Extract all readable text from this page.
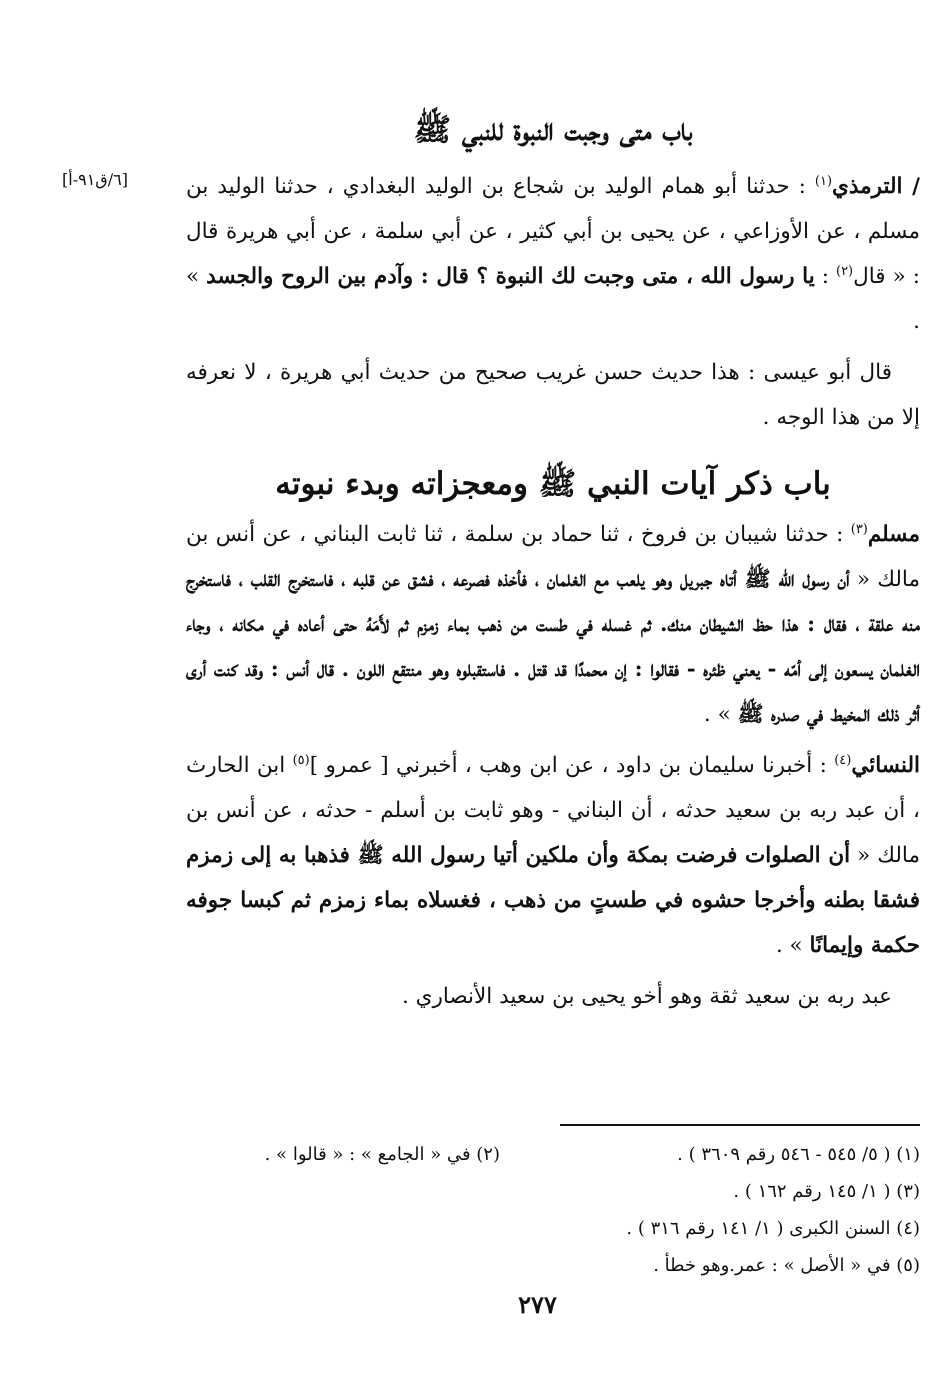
[٦/ق٩١-أ]
باب متى وجبت النبوة للنبي ﷺ

/ الترمذي$^{(١)}$ : حدثنا أبو همام الوليد بن شجاع بن الوليد البغدادي ، حدثنا الوليد بن مسلم ، عن الأوزاعي ، عن يحيى بن أبي كثير ، عن أبي سلمة ، عن أبي هريرة قال : « قال$^{(٢)}$ : يا رسول الله ، متى وجبت لك النبوة ؟ قال : وآدم بين الروح والجسد » .

قال أبو عيسى : هذا حديث حسن غريب صحيح من حديث أبي هريرة ، لا نعرفه إلا من هذا الوجه .

باب ذكر آيات النبي ﷺ ومعجزاته وبدء نبوته

مسلم$^{(٣)}$ : حدثنا شيبان بن فروخ ، ثنا حماد بن سلمة ، ثنا ثابت البناني ، عن أنس بن مالك « أن رسول الله ﷺ أتاه جبريل وهو يلعب مع الغلمان ، فأخذه فصرعه ، فشق عن قلبه ، فاستخرج القلب ، فاستخرج منه علقة ، فقال : هذا حظ الشيطان منك. ثم غسله في طست من ذهب بماء زمزم ثم لأَمَهُ حتى أعاده في مكانه ، وجاء الغلمان يسعون إلى أمّه - يعني ظئره - فقالوا : إن محمدًا قد قتل . فاستقبلوه وهو منتقع اللون . قال أنس : وقد كنت أرى أثر ذلك المخيط في صدره ﷺ » .

النسائي$^{(٤)}$ : أخبرنا سليمان بن داود ، عن ابن وهب ، أخبرني [ عمرو ]$^{(٥)}$ ابن الحارث ، أن عبد ربه بن سعيد حدثه ، أن البناني - وهو ثابت بن أسلم - حدثه ، عن أنس بن مالك « أن الصلوات فرضت بمكة وأن ملكين أتيا رسول الله ﷺ فذهبا به إلى زمزم فشقا بطنه وأخرجا حشوه في طستٍ من ذهب ، فغسلاه بماء زمزم ثم كبسا جوفه حكمة وإيمانًا » .

عبد ربه بن سعيد ثقة وهو أخو يحيى بن سعيد الأنصاري .

(١) ( ٥/ ٥٤٥ - ٥٤٦ رقم ٣٦٠٩ ) .
(٢) في « الجامع » : « قالوا » .
(٣) ( ١/ ١٤٥ رقم ١٦٢ ) .
(٤) السنن الكبرى ( ١/ ١٤١ رقم ٣١٦ ) .
(٥) في « الأصل » : عمر.وهو خطأ .
٢٧٧
